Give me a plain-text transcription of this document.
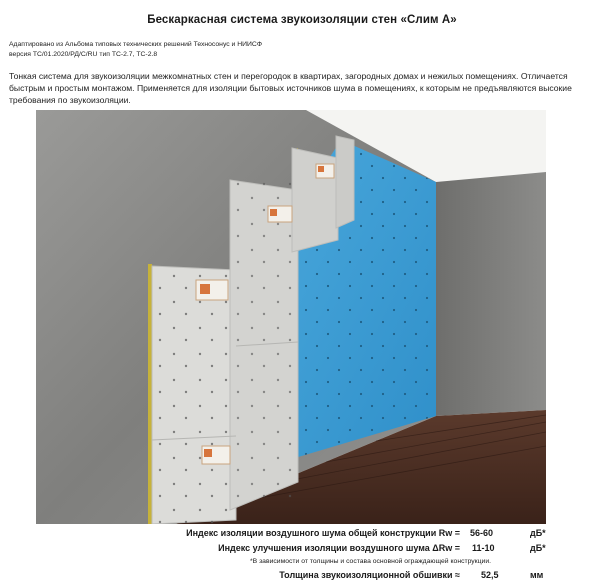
Бескаркасная система звукоизоляции стен «Слим А»
Адаптировано из Альбома типовых технических решений Техносонус и НИИСФ
версия ТС/01.2020/РД/С/RU тип ТС-2.7, ТС-2.8
Тонкая система для звукоизоляции межкомнатных стен и перегородок в квартирах, загородных домах и нежилых помещениях. Отличается быстрым и простым монтажом. Применяется для изоляции бытовых источников шума в помещениях, к которым не предъявляются высокие требования по звукоизоляции.
Индекс изоляции воздушного шума общей конструкции Rw = 56-60	дБ*
Индекс улучшения изоляции воздушного шума ΔRw = 11-10	дБ*
*В зависимости от толщины и состава основной ограждающей конструкции.
Толщина звукоизоляционной обшивки ≈ 52,5	мм
